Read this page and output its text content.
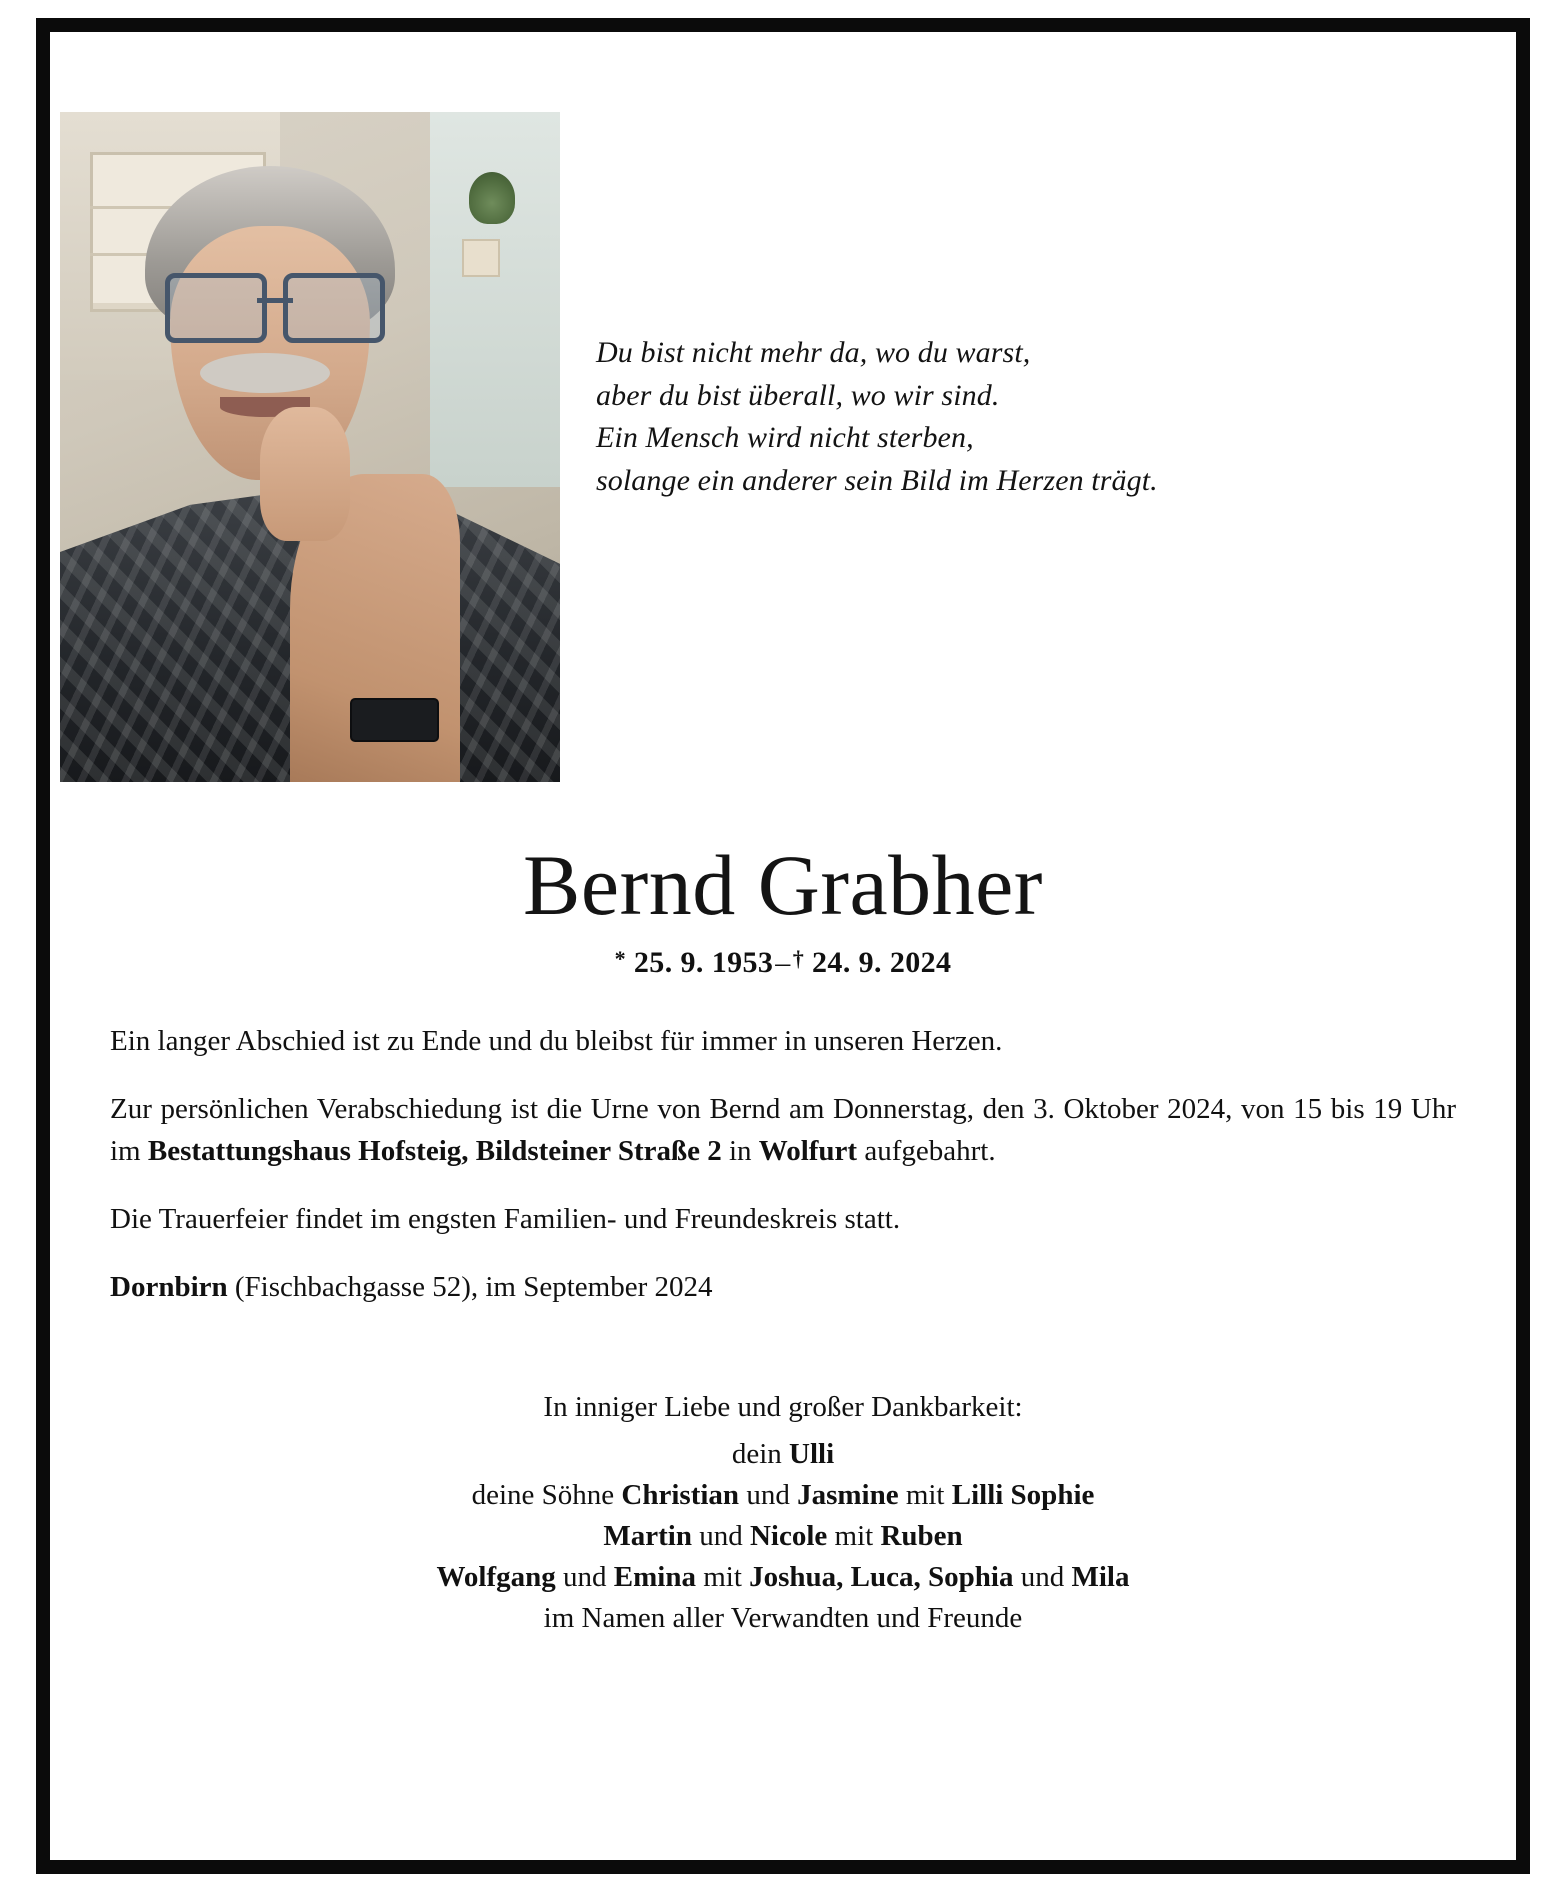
Du bist nicht mehr da, wo du warst,
aber du bist überall, wo wir sind.
Ein Mensch wird nicht sterben,
solange ein anderer sein Bild im Herzen trägt.
Bernd Grabher
* 25. 9. 1953–† 24. 9. 2024

Ein langer Abschied ist zu Ende und du bleibst für immer in unseren Herzen.

Zur persönlichen Verabschiedung ist die Urne von Bernd am Donnerstag, den 3. Oktober 2024, von 15 bis 19 Uhr im Bestattungshaus Hofsteig, Bildsteiner Straße 2 in Wolfurt aufgebahrt.

Die Trauerfeier findet im engsten Familien- und Freundeskreis statt.

Dornbirn (Fischbachgasse 52), im September 2024

In inniger Liebe und großer Dankbarkeit:
dein Ulli
deine Söhne Christian und Jasmine mit Lilli Sophie
Martin und Nicole mit Ruben
Wolfgang und Emina mit Joshua, Luca, Sophia und Mila
im Namen aller Verwandten und Freunde
